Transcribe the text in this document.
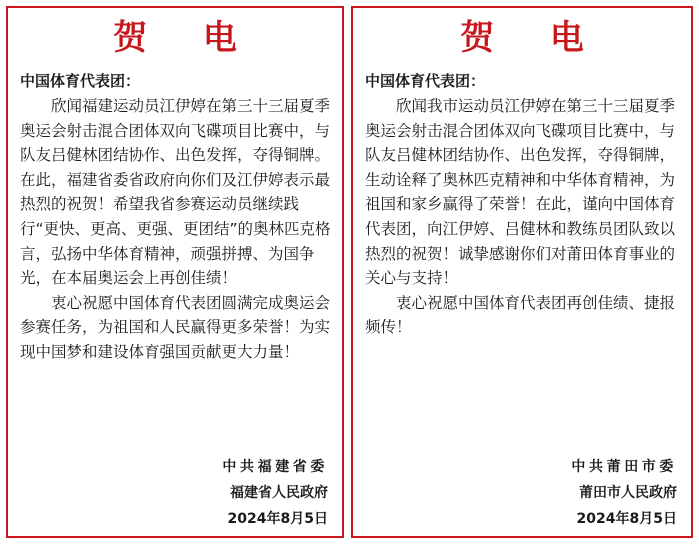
贺 电
中国体育代表团：

欣闻福建运动员江伊婷在第三十三届夏季奥运会射击混合团体双向飞碟项目比赛中，与队友吕健林团结协作、出色发挥，夺得铜牌。在此，福建省委省政府向你们及江伊婷表示最热烈的祝贺！希望我省参赛运动员继续践行“更快、更高、更强、更团结”的奥林匹克格言，弘扬中华体育精神，顽强拼搏、为国争光，在本届奥运会上再创佳绩！

衷心祝愿中国体育代表团圆满完成奥运会参赛任务，为祖国和人民赢得更多荣誉！为实现中国梦和建设体育强国贡献更大力量！

中共福建省委
福建省人民政府
2024年8月5日
贺 电
中国体育代表团：

欣闻我市运动员江伊婷在第三十三届夏季奥运会射击混合团体双向飞碟项目比赛中，与队友吕健林团结协作、出色发挥，夺得铜牌，生动诠释了奥林匹克精神和中华体育精神，为祖国和家乡赢得了荣誉！在此，谨向中国体育代表团，向江伊婷、吕健林和教练员团队致以热烈的祝贺！诚挚感谢你们对莆田体育事业的关心与支持！

衷心祝愿中国体育代表团再创佳绩、捷报频传！

中共莆田市委
莆田市人民政府
2024年8月5日
